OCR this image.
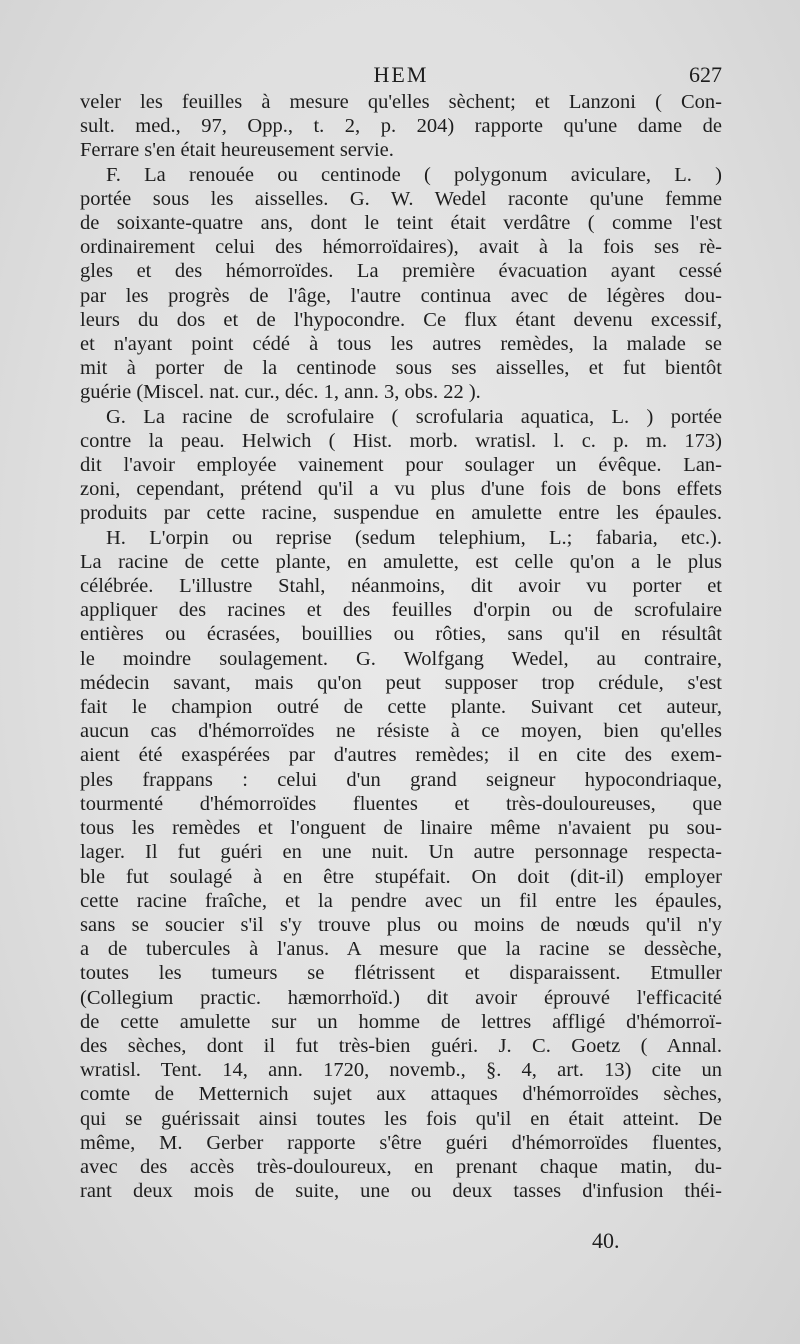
HEM	627
veler les feuilles à mesure qu'elles sèchent; et Lanzoni ( Con-
sult. med., 97, Opp., t. 2, p. 204) rapporte qu'une dame de
Ferrare s'en était heureusement servie.
F. La renouée ou centinode ( polygonum aviculare, L. )
portée sous les aisselles. G. W. Wedel raconte qu'une femme
de soixante-quatre ans, dont le teint était verdâtre ( comme l'est
ordinairement celui des hémorroïdaires), avait à la fois ses rè-
gles et des hémorroïdes. La première évacuation ayant cessé
par les progrès de l'âge, l'autre continua avec de légères dou-
leurs du dos et de l'hypocondre. Ce flux étant devenu excessif,
et n'ayant point cédé à tous les autres remèdes, la malade se
mit à porter de la centinode sous ses aisselles, et fut bientôt
guérie (Miscel. nat. cur., déc. 1, ann. 3, obs. 22 ).
G. La racine de scrofulaire ( scrofularia aquatica, L. ) portée
contre la peau. Helwich ( Hist. morb. wratisl. l. c. p. m. 173)
dit l'avoir employée vainement pour soulager un évêque. Lan-
zoni, cependant, prétend qu'il a vu plus d'une fois de bons effets
produits par cette racine, suspendue en amulette entre les épaules.
H. L'orpin ou reprise (sedum telephium, L.; fabaria, etc.).
La racine de cette plante, en amulette, est celle qu'on a le plus
célébrée. L'illustre Stahl, néanmoins, dit avoir vu porter et
appliquer des racines et des feuilles d'orpin ou de scrofulaire
entières ou écrasées, bouillies ou rôties, sans qu'il en résultât
le moindre soulagement. G. Wolfgang Wedel, au contraire,
médecin savant, mais qu'on peut supposer trop crédule, s'est
fait le champion outré de cette plante. Suivant cet auteur,
aucun cas d'hémorroïdes ne résiste à ce moyen, bien qu'elles
aient été exaspérées par d'autres remèdes; il en cite des exem-
ples frappans : celui d'un grand seigneur hypocondriaque,
tourmenté d'hémorroïdes fluentes et très-douloureuses, que
tous les remèdes et l'onguent de linaire même n'avaient pu sou-
lager. Il fut guéri en une nuit. Un autre personnage respecta-
ble fut soulagé à en être stupéfait. On doit (dit-il) employer
cette racine fraîche, et la pendre avec un fil entre les épaules,
sans se soucier s'il s'y trouve plus ou moins de nœuds qu'il n'y
a de tubercules à l'anus. A mesure que la racine se dessèche,
toutes les tumeurs se flétrissent et disparaissent. Etmuller
(Collegium practic. hæmorrhoïd.) dit avoir éprouvé l'efficacité
de cette amulette sur un homme de lettres affligé d'hémorroï-
des sèches, dont il fut très-bien guéri. J. C. Goetz ( Annal.
wratisl. Tent. 14, ann. 1720, novemb., §. 4, art. 13) cite un
comte de Metternich sujet aux attaques d'hémorroïdes sèches,
qui se guérissait ainsi toutes les fois qu'il en était atteint. De
même, M. Gerber rapporte s'être guéri d'hémorroïdes fluentes,
avec des accès très-douloureux, en prenant chaque matin, du-
rant deux mois de suite, une ou deux tasses d'infusion théi-
40.
